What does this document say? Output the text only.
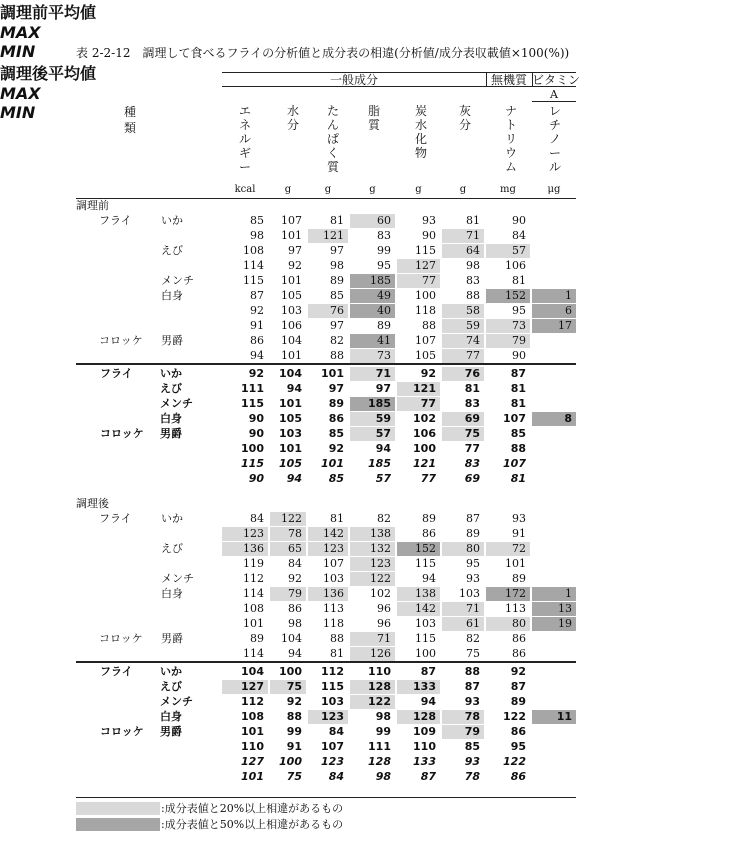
表 2-2-12　調理して食べるフライの分析値と成分表の相違(分析値/成分表収載値×100(%))
一般成分	無機質 ビタミン
A
種類
エネルギー
kcal
水分
g
たんぱく質
g
脂質
g
炭水化物
g
灰分
g
ナトリウム
mg
レチノール
μg
調理前
フライ	いか	85	107	81	60	93	81	90
98	101	121	83	90	71	84
えび	108	97	97	99	115	64	57
114	92	98	95	127	98	106
メンチ	115	101	89	185	77	83	81
白身	87	105	85	49	100	88	152	1
92	103	76	40	118	58	95	6
91	106	97	89	88	59	73	17
コロッケ 男爵	86	104	82	41	107	74	79
94	101	88	73	105	77	90
フライ いか	92	104	101	71	92	76	87
えび	111	94	97	97	121	81	81
メンチ	115	101	89	185	77	83	81
白身	90	105	86	59	102	69	107	8
コロッケ 男爵	90	103	85	57	106	75	85
調理前平均値
100	101	92	94	100	77	88
MAX
115	105	101	185	121	83	107
MIN
90	94	85	57	77	69	81
調理後
フライ	いか	84	122	81	82	89	87	93
123	78	142	138	86	89	91
えび	136	65	123	132	152	80	72
119	84	107	123	115	95	101
メンチ	112	92	103	122	94	93	89
白身	114	79	136	102	138	103	172	1
108	86	113	96	142	71	113	13
101	98	118	96	103	61	80	19
コロッケ 男爵	89	104	88	71	115	82	86
114	94	81	126	100	75	86
フライ いか	104	100	112	110	87	88	92
えび	127	75	115	128	133	87	87
メンチ	112	92	103	122	94	93	89
白身	108	88	123	98	128	78	122	11
コロッケ 男爵	101	99	84	99	109	79	86
調理後平均値
110	91	107	111	110	85	95
MAX
127	100	123	128	133	93	122
MIN
101	75	84	98	87	78	86
:成分表値と20%以上相違があるもの
:成分表値と50%以上相違があるもの
